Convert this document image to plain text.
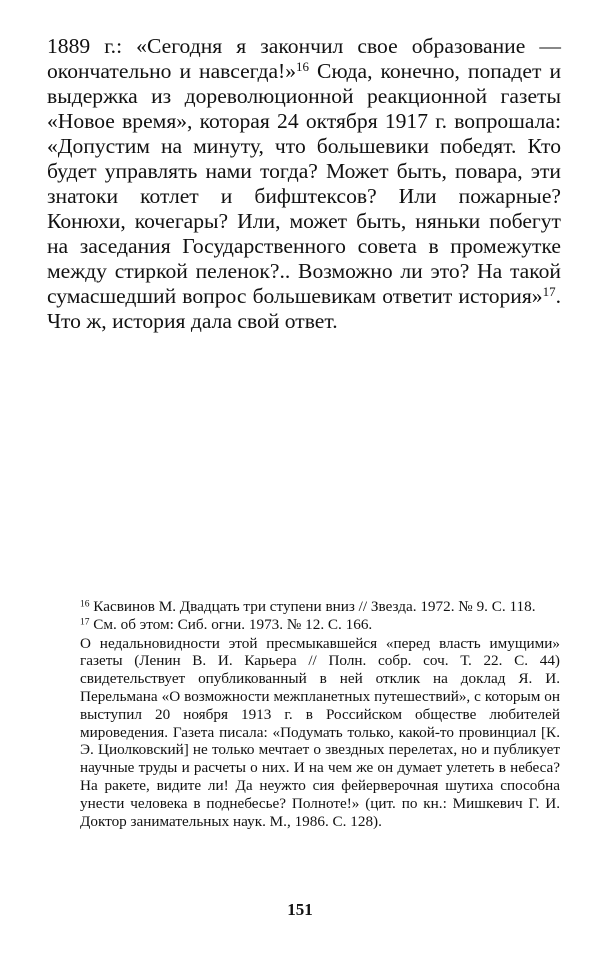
1889 г.: «Сегодня я закончил свое образование — окончательно и навсегда!»$^{16}$ Сюда, конечно, попадет и выдержка из дореволюционной реакционной газеты «Новое время», которая 24 октября 1917 г. вопрошала: «Допустим на минуту, что большевики победят. Кто будет управлять нами тогда? Может быть, повара, эти знатоки котлет и бифштексов? Или пожарные? Конюхи, кочегары? Или, может быть, няньки побегут на заседания Государственного совета в промежутке между стиркой пеленок?.. Возможно ли это? На такой сумасшедший вопрос большевикам ответит история»$^{17}$. Что ж, история дала свой ответ.

$^{16}$ Касвинов М. Двадцать три ступени вниз // Звезда. 1972. № 9. С. 118.

$^{17}$ См. об этом: Сиб. огни. 1973. № 12. С. 166.

О недальновидности этой пресмыкавшейся «перед власть имущими» газеты (Ленин В. И. Карьера // Полн. собр. соч. Т. 22. С. 44) свидетельствует опубликованный в ней отклик на доклад Я. И. Перельмана «О возможности межпланетных путешествий», с которым он выступил 20 ноября 1913 г. в Российском обществе любителей мироведения. Газета писала: «Подумать только, какой-то провинциал [К. Э. Циолковский] не только мечтает о звездных перелетах, но и публикует научные труды и расчеты о них. И на чем же он думает улететь в небеса? На ракете, видите ли! Да неужто сия фейерверочная шутиха способна унести человека в поднебесье? Полноте!» (цит. по кн.: Мишкевич Г. И. Доктор занимательных наук. М., 1986. С. 128).

151
